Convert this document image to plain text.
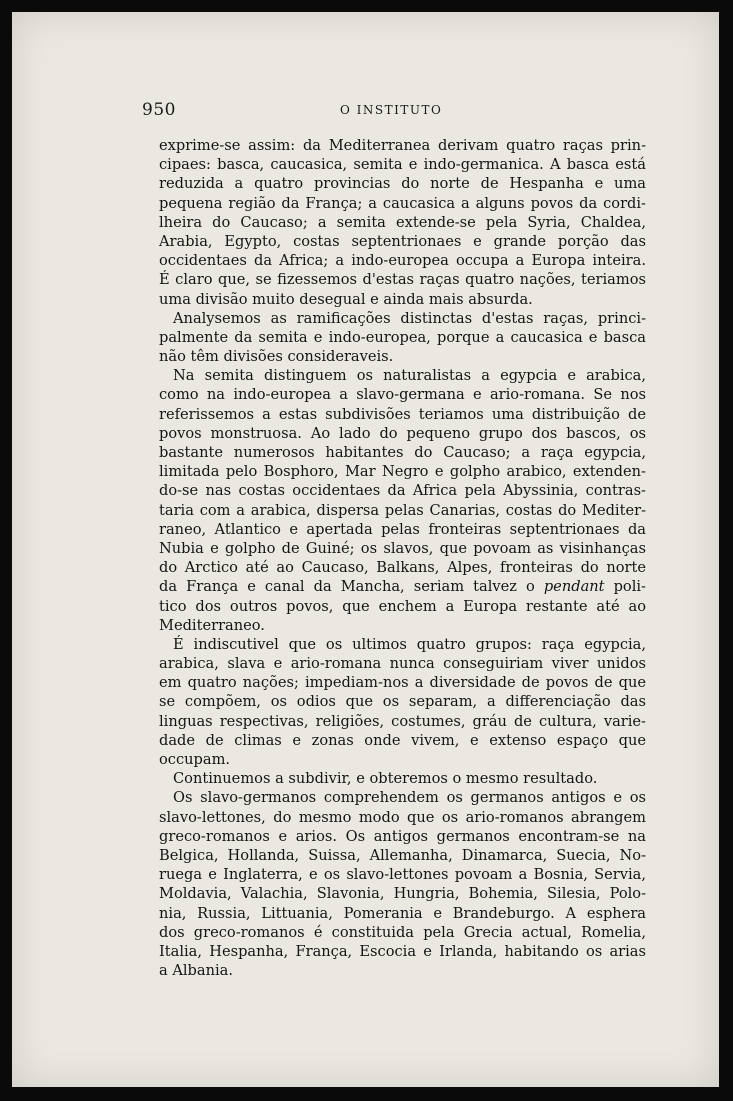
950	O INSTITUTO
exprime-se assim: da Mediterranea derivam quatro raças prin-
cipaes: basca, caucasica, semita e indo-germanica. A basca está
reduzida a quatro provincias do norte de Hespanha e uma
pequena região da França; a caucasica a alguns povos da cordi-
lheira do Caucaso; a semita extende-se pela Syria, Chaldea,
Arabia, Egypto, costas septentrionaes e grande porção das
occidentaes da Africa; a indo-europea occupa a Europa inteira.
É claro que, se fizessemos d'estas raças quatro nações, teriamos
uma divisão muito desegual e ainda mais absurda.
Analysemos as ramificações distinctas d'estas raças, princi-
palmente da semita e indo-europea, porque a caucasica e basca
não têm divisões consideraveis.
Na semita distinguem os naturalistas a egypcia e arabica,
como na indo-europea a slavo-germana e ario-romana. Se nos
referissemos a estas subdivisões teriamos uma distribuição de
povos monstruosa. Ao lado do pequeno grupo dos bascos, os
bastante numerosos habitantes do Caucaso; a raça egypcia,
limitada pelo Bosphoro, Mar Negro e golpho arabico, extenden-
do-se nas costas occidentaes da Africa pela Abyssinia, contras-
taria com a arabica, dispersa pelas Canarias, costas do Mediter-
raneo, Atlantico e apertada pelas fronteiras septentrionaes da
Nubia e golpho de Guiné; os slavos, que povoam as visinhanças
do Arctico até ao Caucaso, Balkans, Alpes, fronteiras do norte
da França e canal da Mancha, seriam talvez o pendant poli-
tico dos outros povos, que enchem a Europa restante até ao
Mediterraneo.
É indiscutivel que os ultimos quatro grupos: raça egypcia,
arabica, slava e ario-romana nunca conseguiriam viver unidos
em quatro nações; impediam-nos a diversidade de povos de que
se compõem, os odios que os separam, a differenciação das
linguas respectivas, religiões, costumes, gráu de cultura, varie-
dade de climas e zonas onde vivem, e extenso espaço que
occupam.
Continuemos a subdivir, e obteremos o mesmo resultado.
Os slavo-germanos comprehendem os germanos antigos e os
slavo-lettones, do mesmo modo que os ario-romanos abrangem
greco-romanos e arios. Os antigos germanos encontram-se na
Belgica, Hollanda, Suissa, Allemanha, Dinamarca, Suecia, No-
ruega e Inglaterra, e os slavo-lettones povoam a Bosnia, Servia,
Moldavia, Valachia, Slavonia, Hungria, Bohemia, Silesia, Polo-
nia, Russia, Littuania, Pomerania e Brandeburgo. A esphera
dos greco-romanos é constituida pela Grecia actual, Romelia,
Italia, Hespanha, França, Escocia e Irlanda, habitando os arias
a Albania.
